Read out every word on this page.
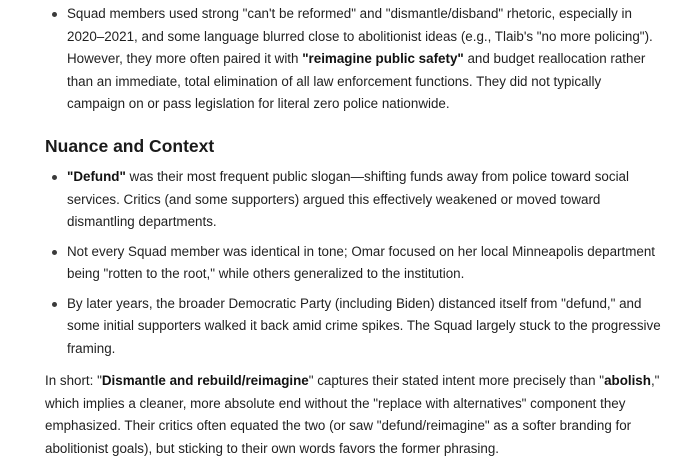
Squad members used strong "can't be reformed" and "dismantle/disband" rhetoric, especially in 2020–2021, and some language blurred close to abolitionist ideas (e.g., Tlaib's "no more policing"). However, they more often paired it with "reimagine public safety" and budget reallocation rather than an immediate, total elimination of all law enforcement functions. They did not typically campaign on or pass legislation for literal zero police nationwide.
Nuance and Context
"Defund" was their most frequent public slogan—shifting funds away from police toward social services. Critics (and some supporters) argued this effectively weakened or moved toward dismantling departments.
Not every Squad member was identical in tone; Omar focused on her local Minneapolis department being "rotten to the root," while others generalized to the institution.
By later years, the broader Democratic Party (including Biden) distanced itself from "defund," and some initial supporters walked it back amid crime spikes. The Squad largely stuck to the progressive framing.

In short: "Dismantle and rebuild/reimagine" captures their stated intent more precisely than "abolish," which implies a cleaner, more absolute end without the "replace with alternatives" component they emphasized. Their critics often equated the two (or saw "defund/reimagine" as a softer branding for abolitionist goals), but sticking to their own words favors the former phrasing.
